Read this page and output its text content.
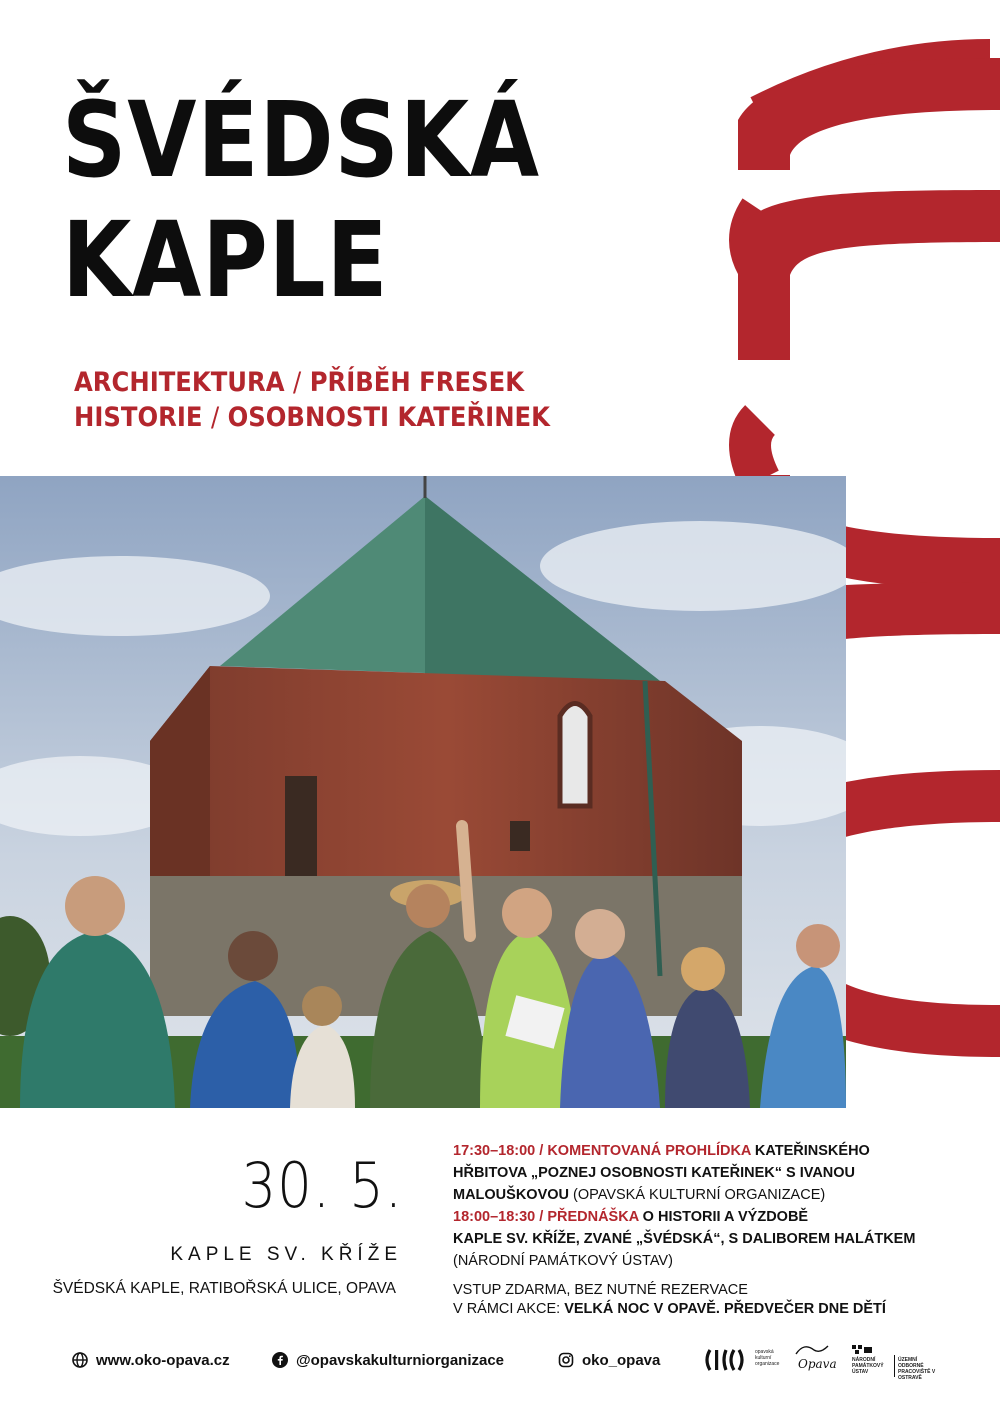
ŠVÉDSKÁ
KAPLE
ARCHITEKTURA / PŘÍBĚH FRESEK
HISTORIE / OSOBNOSTI KATEŘINEK
30. 5.
KAPLE SV. KŘÍŽE
ŠVÉDSKÁ KAPLE, RATIBOŘSKÁ ULICE, OPAVA
17:30–18:00 / KOMENTOVANÁ PROHLÍDKA KATEŘINSKÉHO
HŘBITOVA „POZNEJ OSOBNOSTI KATEŘINEK“ S IVANOU
MALOUŠKOVOU (OPAVSKÁ KULTURNÍ ORGANIZACE)
18:00–18:30 / PŘEDNÁŠKA O HISTORII A VÝZDOBĚ
KAPLE SV. KŘÍŽE, ZVANÉ „ŠVÉDSKÁ“, S DALIBOREM HALÁTKEM
(NÁRODNÍ PAMÁTKOVÝ ÚSTAV)
VSTUP ZDARMA, BEZ NUTNÉ REZERVACE
V RÁMCI AKCE: VELKÁ NOC V OPAVĚ. PŘEDVEČER DNE DĚTÍ
www.oko-opava.cz	@opavskakulturniorganizace	oko_opava	opavská kulturní organizace Opava	NÁRODNÍ PAMÁTKOVÝ ÚSTAV
ÚZEMNÍ ODBORNÉ PRACOVIŠTĚ V OSTRAVĚ
